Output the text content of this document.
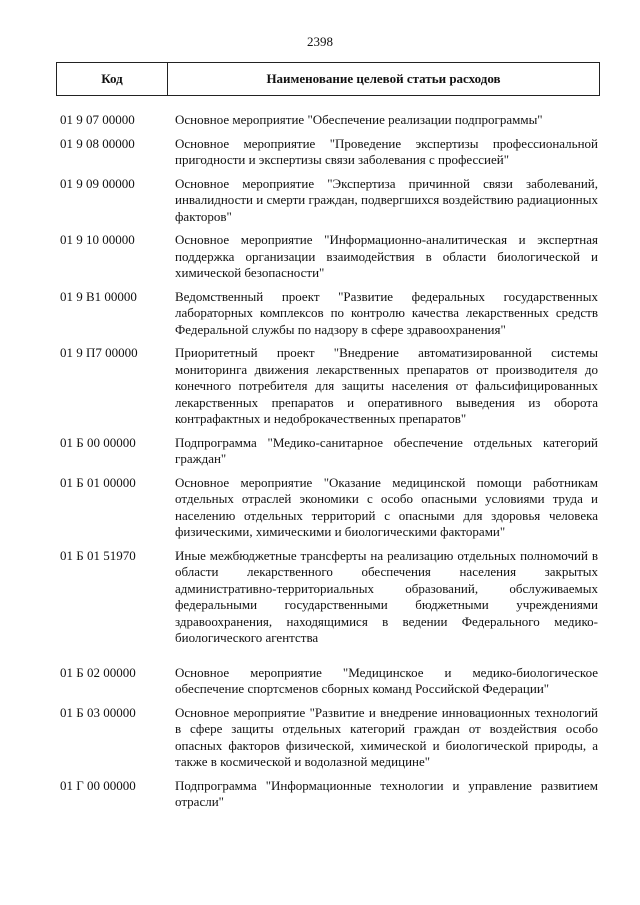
2398
Код	Наименование целевой статьи расходов
01 9 07 00000	Основное мероприятие "Обеспечение реализации подпрограммы"
01 9 08 00000	Основное мероприятие "Проведение экспертизы профессиональной пригодности и экспертизы связи заболевания с профессией"
01 9 09 00000	Основное мероприятие "Экспертиза причинной связи заболеваний, инвалидности и смерти граждан, подвергшихся воздействию радиационных факторов"
01 9 10 00000	Основное мероприятие "Информационно-аналитическая и экспертная поддержка организации взаимодействия в области биологической и химической безопасности"
01 9 В1 00000	Ведомственный проект "Развитие федеральных государственных лабораторных комплексов по контролю качества лекарственных средств Федеральной службы по надзору в сфере здравоохранения"
01 9 П7 00000	Приоритетный проект "Внедрение автоматизированной системы мониторинга движения лекарственных препаратов от производителя до конечного потребителя для защиты населения от фальсифицированных лекарственных препаратов и оперативного выведения из оборота контрафактных и недоброкачественных препаратов"
01 Б 00 00000	Подпрограмма "Медико-санитарное обеспечение отдельных категорий граждан"
01 Б 01 00000	Основное мероприятие "Оказание медицинской помощи работникам отдельных отраслей экономики с особо опасными условиями труда и населению отдельных территорий с опасными для здоровья человека физическими, химическими и биологическими факторами"
01 Б 01 51970	Иные межбюджетные трансферты на реализацию отдельных полномочий в области лекарственного обеспечения населения закрытых административно-территориальных образований, обслуживаемых федеральными государственными бюджетными учреждениями здравоохранения, находящимися в ведении Федерального медико-биологического агентства
01 Б 02 00000	Основное мероприятие "Медицинское и медико-биологическое обеспечение спортсменов сборных команд Российской Федерации"
01 Б 03 00000	Основное мероприятие "Развитие и внедрение инновационных технологий в сфере защиты отдельных категорий граждан от воздействия особо опасных факторов физической, химической и биологической природы, а также в космической и водолазной медицине"
01 Г 00 00000	Подпрограмма "Информационные технологии и управление развитием отрасли"
